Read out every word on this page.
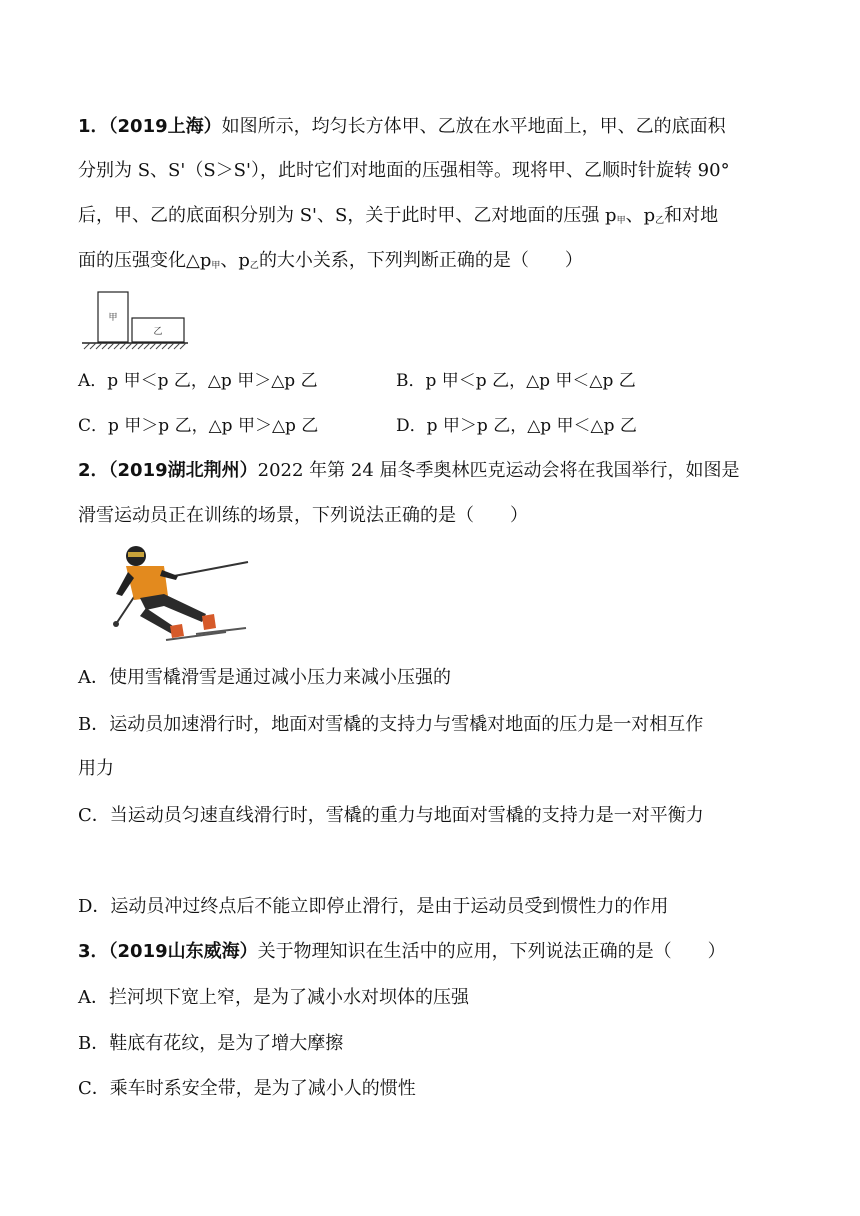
1．（2019上海）如图所示，均匀长方体甲、乙放在水平地面上，甲、乙的底面积
分别为 S、S'（S＞S'），此时它们对地面的压强相等。现将甲、乙顺时针旋转 90°
后，甲、乙的底面积分别为 S'、S，关于此时甲、乙对地面的压强 $p_甲$、$p_乙$和对地
面的压强变化$\triangle p_甲$、$p_乙$的大小关系，下列判断正确的是（　　）
甲
乙
A．p 甲＜p 乙，△p 甲＞△p 乙	B．p 甲＜p 乙，△p 甲＜△p 乙
C．p 甲＞p 乙，△p 甲＞△p 乙	D．p 甲＞p 乙，△p 甲＜△p 乙
2．（2019湖北荆州）2022 年第 24 届冬季奥林匹克运动会将在我国举行，如图是
滑雪运动员正在训练的场景，下列说法正确的是（　　）
A．使用雪橇滑雪是通过减小压力来减小压强的
B．运动员加速滑行时，地面对雪橇的支持力与雪橇对地面的压力是一对相互作
用力
C．当运动员匀速直线滑行时，雪橇的重力与地面对雪橇的支持力是一对平衡力
D．运动员冲过终点后不能立即停止滑行，是由于运动员受到惯性力的作用
3．（2019山东威海）关于物理知识在生活中的应用，下列说法正确的是（　　）
A．拦河坝下宽上窄，是为了减小水对坝体的压强
B．鞋底有花纹，是为了增大摩擦
C．乘车时系安全带，是为了减小人的惯性
